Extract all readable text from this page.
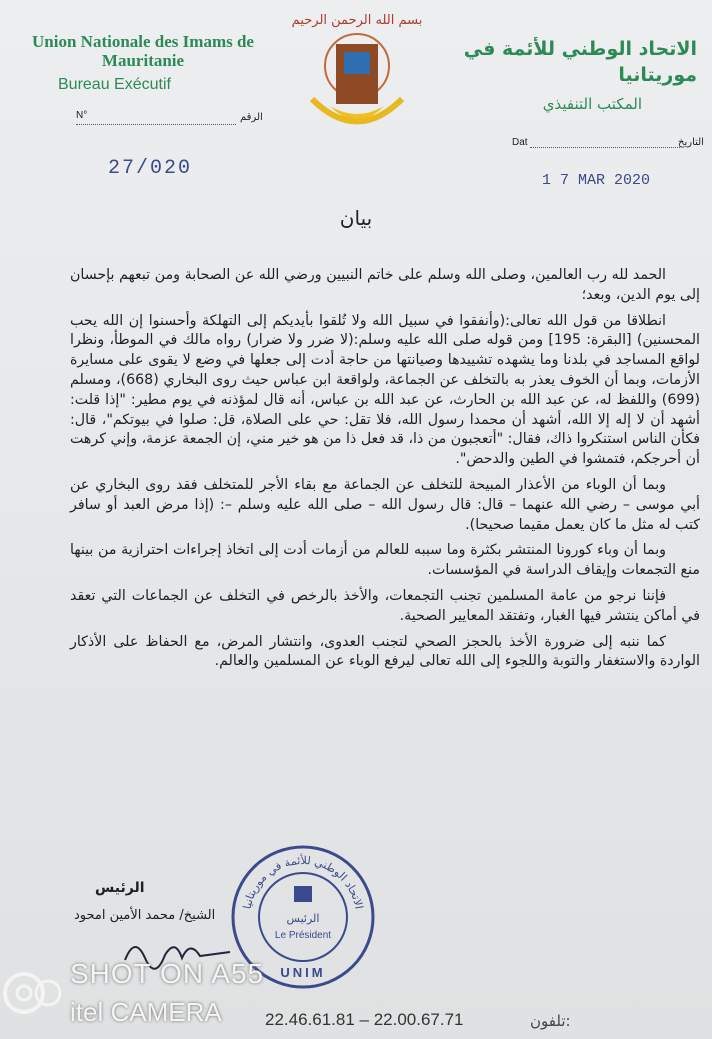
Union Nationale des Imams de
Mauritanie
Bureau Exécutif
الاتحاد الوطني للأئمة في موريتانيا
المكتب التنفيذي
بسم الله الرحمن الرحيم
N°	الرقم
Dat	التاريخ
27/020
1 7 MAR 2020
بيان

الحمد لله رب العالمين، وصلى الله وسلم على خاتم النبيين ورضي الله عن الصحابة ومن تبعهم بإحسان إلى يوم الدين، وبعد؛

انطلاقا من قول الله تعالى:(وأنفقوا في سبيل الله ولا تُلقوا بأيديكم إلى التهلكة وأحسنوا إن الله يحب المحسنين) [البقرة: 195] ومن قوله صلى الله عليه وسلم:(لا ضرر ولا ضرار) رواه مالك في الموطأ، ونظرا لواقع المساجد في بلدنا وما يشهده تشييدها وصيانتها من حاجة أدت إلى جعلها في وضع لا يقوى على مسايرة الأزمات، وبما أن الخوف يعذر به بالتخلف عن الجماعة، ولواقعة ابن عباس حيث روى البخاري (668)، ومسلم (699) واللفظ له، عن عبد الله بن الحارث، عن عبد الله بن عباس، أنه قال لمؤذنه في يوم مطير: "إذا قلت: أشهد أن لا إله إلا الله، أشهد أن محمدا رسول الله، فلا تقل: حي على الصلاة، قل: صلوا في بيوتكم"، قال: فكأن الناس استنكروا ذاك، فقال: "أتعجبون من ذا، قد فعل ذا من هو خير مني، إن الجمعة عزمة، وإني كرهت أن أحرجكم، فتمشوا في الطين والدحض".

وبما أن الوباء من الأعذار المبيحة للتخلف عن الجماعة مع بقاء الأجر للمتخلف فقد روى البخاري عن أبي موسى – رضي الله عنهما – قال: قال رسول الله – صلى الله عليه وسلم –: (إذا مرض العبد أو سافر كتب له مثل ما كان يعمل مقيما صحيحا).

وبما أن وباء كورونا المنتشر بكثرة وما سببه للعالم من أزمات أدت إلى اتخاذ إجراءات احترازية من بينها منع التجمعات وإيقاف الدراسة في المؤسسات.

فإننا نرجو من عامة المسلمين تجنب التجمعات، والأخذ بالرخص في التخلف عن الجماعات التي تعقد في أماكن ينتشر فيها الغبار، وتفتقد المعايير الصحية.

كما ننبه إلى ضرورة الأخذ بالحجز الصحي لتجنب العدوى، وانتشار المرض، مع الحفاظ على الأذكار الواردة والاستغفار والتوبة واللجوء إلى الله تعالى ليرفع الوباء عن المسلمين والعالم.

الرئيس
الشيخ/ محمد الأمين امحود
الاتحاد الوطني للأئمة في موريتانيا
الرئيس
Le Président
UNIM
22.46.61.81 – 22.00.67.71	تلفون:
SHOT ON A55
itel CAMERA
